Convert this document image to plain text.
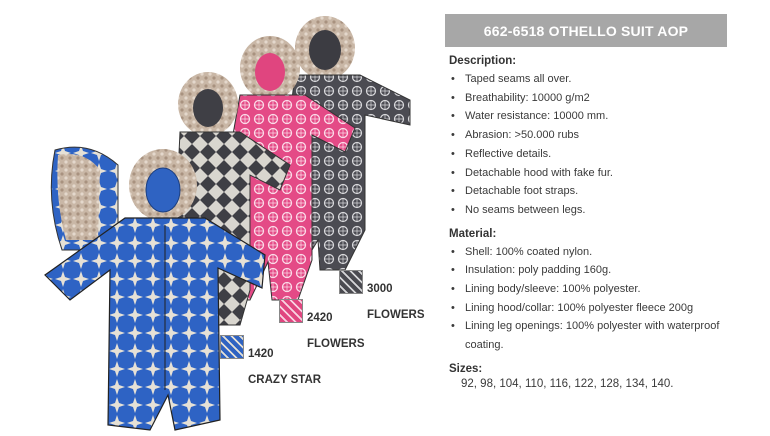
3000

FLOWERS

2420

FLOWERS

1420

CRAZY STAR

662-6518 OTHELLO SUIT AOP
Description:
• Taped seams all over.
• Breathability: 10000 g/m2
• Water resistance: 10000 mm.
• Abrasion: >50.000 rubs
• Reflective details.
• Detachable hood with fake fur.
• Detachable foot straps.
• No seams between legs.
Material:
• Shell: 100% coated nylon.
• Insulation: poly padding 160g.
• Lining body/sleeve: 100% polyester.
• Lining hood/collar: 100% polyester fleece 200g
• Lining leg openings: 100% polyester with waterproof coating.
Sizes:
92, 98, 104, 110, 116, 122, 128, 134, 140.
